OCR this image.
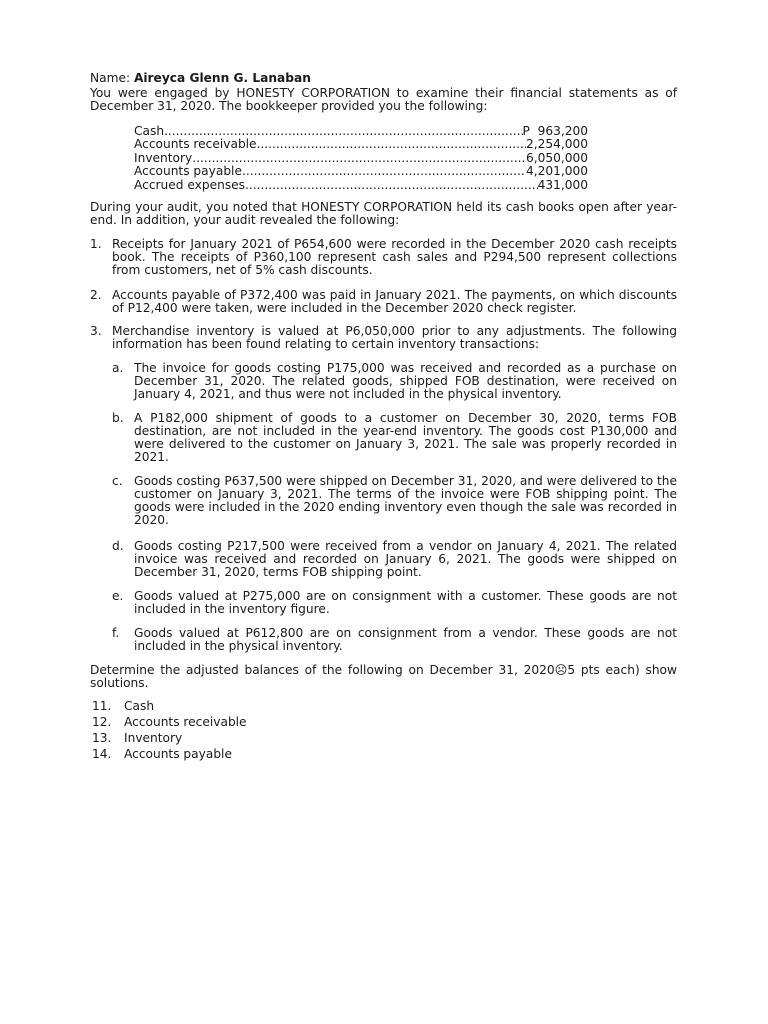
Name: Aireyca Glenn G. Lanaban
You were engaged by HONESTY CORPORATION to examine their financial statements as of December 31, 2020. The bookkeeper provided you the following:
Cash .....	P  963,200
Accounts receivable .....	2,254,000
Inventory .....	6,050,000
Accounts payable .....	4,201,000
Accrued expenses .....	431,000
During your audit, you noted that HONESTY CORPORATION held its cash books open after year-end. In addition, your audit revealed the following:
1. Receipts for January 2021 of P654,600 were recorded in the December 2020 cash receipts book. The receipts of P360,100 represent cash sales and P294,500 represent collections from customers, net of 5% cash discounts.
2. Accounts payable of P372,400 was paid in January 2021. The payments, on which discounts of P12,400 were taken, were included in the December 2020 check register.
3. Merchandise inventory is valued at P6,050,000 prior to any adjustments. The following information has been found relating to certain inventory transactions:
a. The invoice for goods costing P175,000 was received and recorded as a purchase on December 31, 2020. The related goods, shipped FOB destination, were received on January 4, 2021, and thus were not included in the physical inventory.
b. A P182,000 shipment of goods to a customer on December 30, 2020, terms FOB destination, are not included in the year-end inventory. The goods cost P130,000 and were delivered to the customer on January 3, 2021. The sale was properly recorded in 2021.
c. Goods costing P637,500 were shipped on December 31, 2020, and were delivered to the customer on January 3, 2021. The terms of the invoice were FOB shipping point. The goods were included in the 2020 ending inventory even though the sale was recorded in 2020.
d. Goods costing P217,500 were received from a vendor on January 4, 2021. The related invoice was received and recorded on January 6, 2021. The goods were shipped on December 31, 2020, terms FOB shipping point.
e. Goods valued at P275,000 are on consignment with a customer. These goods are not included in the inventory figure.
f.	Goods valued at P612,800 are on consignment from a vendor. These goods are not included in the physical inventory.
Determine the adjusted balances of the following on December 31, 2020☹5 pts each) show solutions.
11.	Cash
12.	Accounts receivable
13.	Inventory
14.	Accounts payable
